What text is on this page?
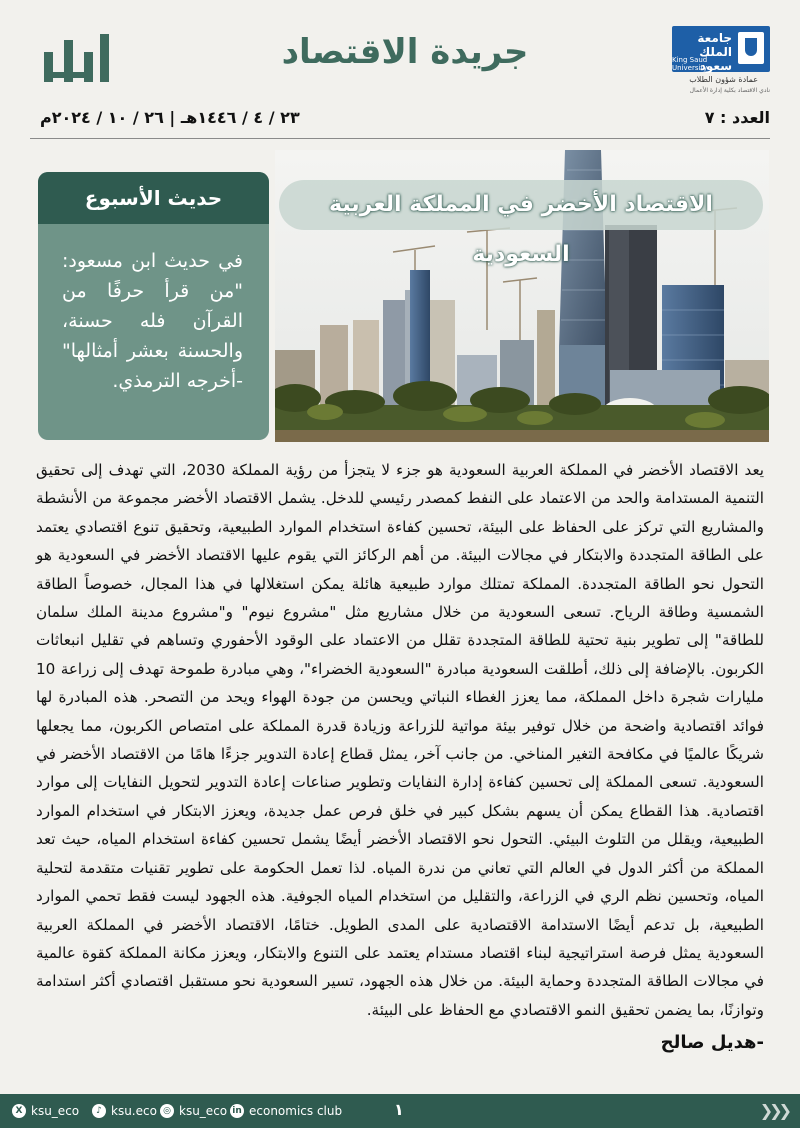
جريدة الاقتصاد	جامعة الملك سعود
King Saud University
عمادة شؤون الطلاب
نادي الاقتصاد بكلية إدارة الأعمال
العدد : ٧
٢٣ / ٤ / ١٤٤٦هـ | ٢٦ / ١٠ / ٢٠٢٤م
حديث الأسبوع
في حديث ابن مسعود: "من قرأ حرفًا من القرآن فله حسنة، والحسنة بعشر أمثالها" -أخرجه الترمذي.
الاقتصاد الأخضر في المملكة العربية السعودية
يعد الاقتصاد الأخضر في المملكة العربية السعودية هو جزء لا يتجزأ من رؤية المملكة 2030، التي تهدف إلى تحقيق التنمية المستدامة والحد من الاعتماد على النفط كمصدر رئيسي للدخل. يشمل الاقتصاد الأخضر مجموعة من الأنشطة والمشاريع التي تركز على الحفاظ على البيئة، تحسين كفاءة استخدام الموارد الطبيعية، وتحقيق تنوع اقتصادي يعتمد على الطاقة المتجددة والابتكار في مجالات البيئة. من أهم الركائز التي يقوم عليها الاقتصاد الأخضر في السعودية هو التحول نحو الطاقة المتجددة. المملكة تمتلك موارد طبيعية هائلة يمكن استغلالها في هذا المجال، خصوصاً الطاقة الشمسية وطاقة الرياح. تسعى السعودية من خلال مشاريع مثل "مشروع نيوم" و"مشروع مدينة الملك سلمان للطاقة" إلى تطوير بنية تحتية للطاقة المتجددة تقلل من الاعتماد على الوقود الأحفوري وتساهم في تقليل انبعاثات الكربون. بالإضافة إلى ذلك، أطلقت السعودية مبادرة "السعودية الخضراء"، وهي مبادرة طموحة تهدف إلى زراعة 10 مليارات شجرة داخل المملكة، مما يعزز الغطاء النباتي ويحسن من جودة الهواء ويحد من التصحر. هذه المبادرة لها فوائد اقتصادية واضحة من خلال توفير بيئة مواتية للزراعة وزيادة قدرة المملكة على امتصاص الكربون، مما يجعلها شريكًا عالميًا في مكافحة التغير المناخي. من جانب آخر، يمثل قطاع إعادة التدوير جزءًا هامًا من الاقتصاد الأخضر في السعودية. تسعى المملكة إلى تحسين كفاءة إدارة النفايات وتطوير صناعات إعادة التدوير لتحويل النفايات إلى موارد اقتصادية. هذا القطاع يمكن أن يسهم بشكل كبير في خلق فرص عمل جديدة، ويعزز الابتكار في استخدام الموارد الطبيعية، ويقلل من التلوث البيئي. التحول نحو الاقتصاد الأخضر أيضًا يشمل تحسين كفاءة استخدام المياه، حيث تعد المملكة من أكثر الدول في العالم التي تعاني من ندرة المياه. لذا تعمل الحكومة على تطوير تقنيات متقدمة لتحلية المياه، وتحسين نظم الري في الزراعة، والتقليل من استخدام المياه الجوفية. هذه الجهود ليست فقط تحمي الموارد الطبيعية، بل تدعم أيضًا الاستدامة الاقتصادية على المدى الطويل. ختامًا، الاقتصاد الأخضر في المملكة العربية السعودية يمثل فرصة استراتيجية لبناء اقتصاد مستدام يعتمد على التنوع والابتكار، ويعزز مكانة المملكة كقوة عالمية في مجالات الطاقة المتجددة وحماية البيئة. من خلال هذه الجهود، تسير السعودية نحو مستقبل اقتصادي أكثر استدامة وتوازنًا، بما يضمن تحقيق النمو الاقتصادي مع الحفاظ على البيئة.
-هديل صالح
X ksu_eco	♪ ksu.eco ◎ ksu_eco in economics club	١	❯❯❯
